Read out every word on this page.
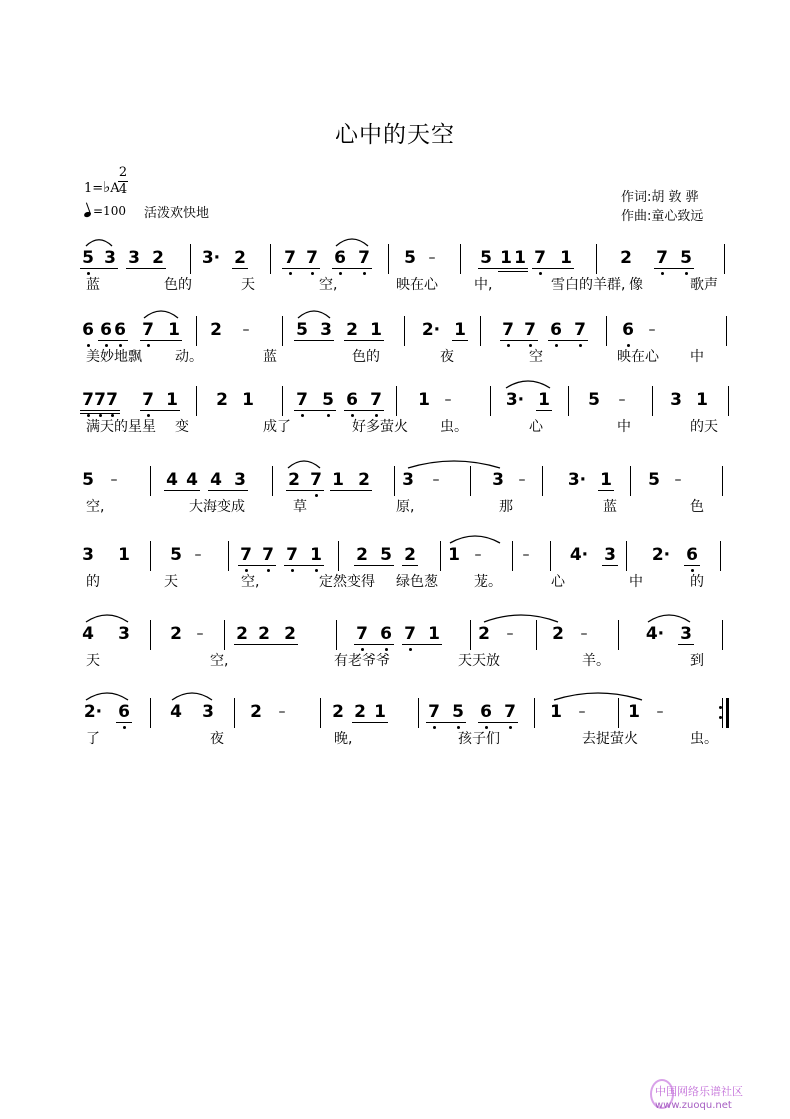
心中的天空
1=♭A
2
4
=100 活泼欢快地
作词:胡 敦 骅
作曲:童心致远
5 3 3 2 3· 2 7 7 6 7 5 –	5 1 1 7 1	2 7 5
蓝	色的	天	空,	映在心	中,	雪白的羊群, 像	歌声
6 6 6 7 1 2	–	5 3 2 1 2· 1 7 7 6 7 6	–
美妙地飘 动。	蓝	色的	夜	空	映在心 中
7 7 7 7 1 2 1 7 5 6 7 1	–	3· 1 5	–	3 1
满天的星星 变	成了	好多萤火 虫。	心	中	的天
5	–	4 4 4 3 2 7 1 2 3	–	3	– 3· 1 5	–
空,	大海变成	草	原,	那	蓝	色
3 1 5 – 7 7 7 1 2 5 2 1	–	– 4· 3 2· 6
的	天	空,	定然变得 绿色葱	茏。	心	中	的
4 3 2	– 2 2 2	7 6 7 1 2	– 2	–	4· 3
天	空,	有老爷爷	天天放	羊。	到
2· 6 4 3 2	–	2 2 1 7 5 6 7 1	–	1	–
了	夜	晚,	孩子们	去捉萤火	虫。
中国网络乐谱社区
www.zuoqu.net
